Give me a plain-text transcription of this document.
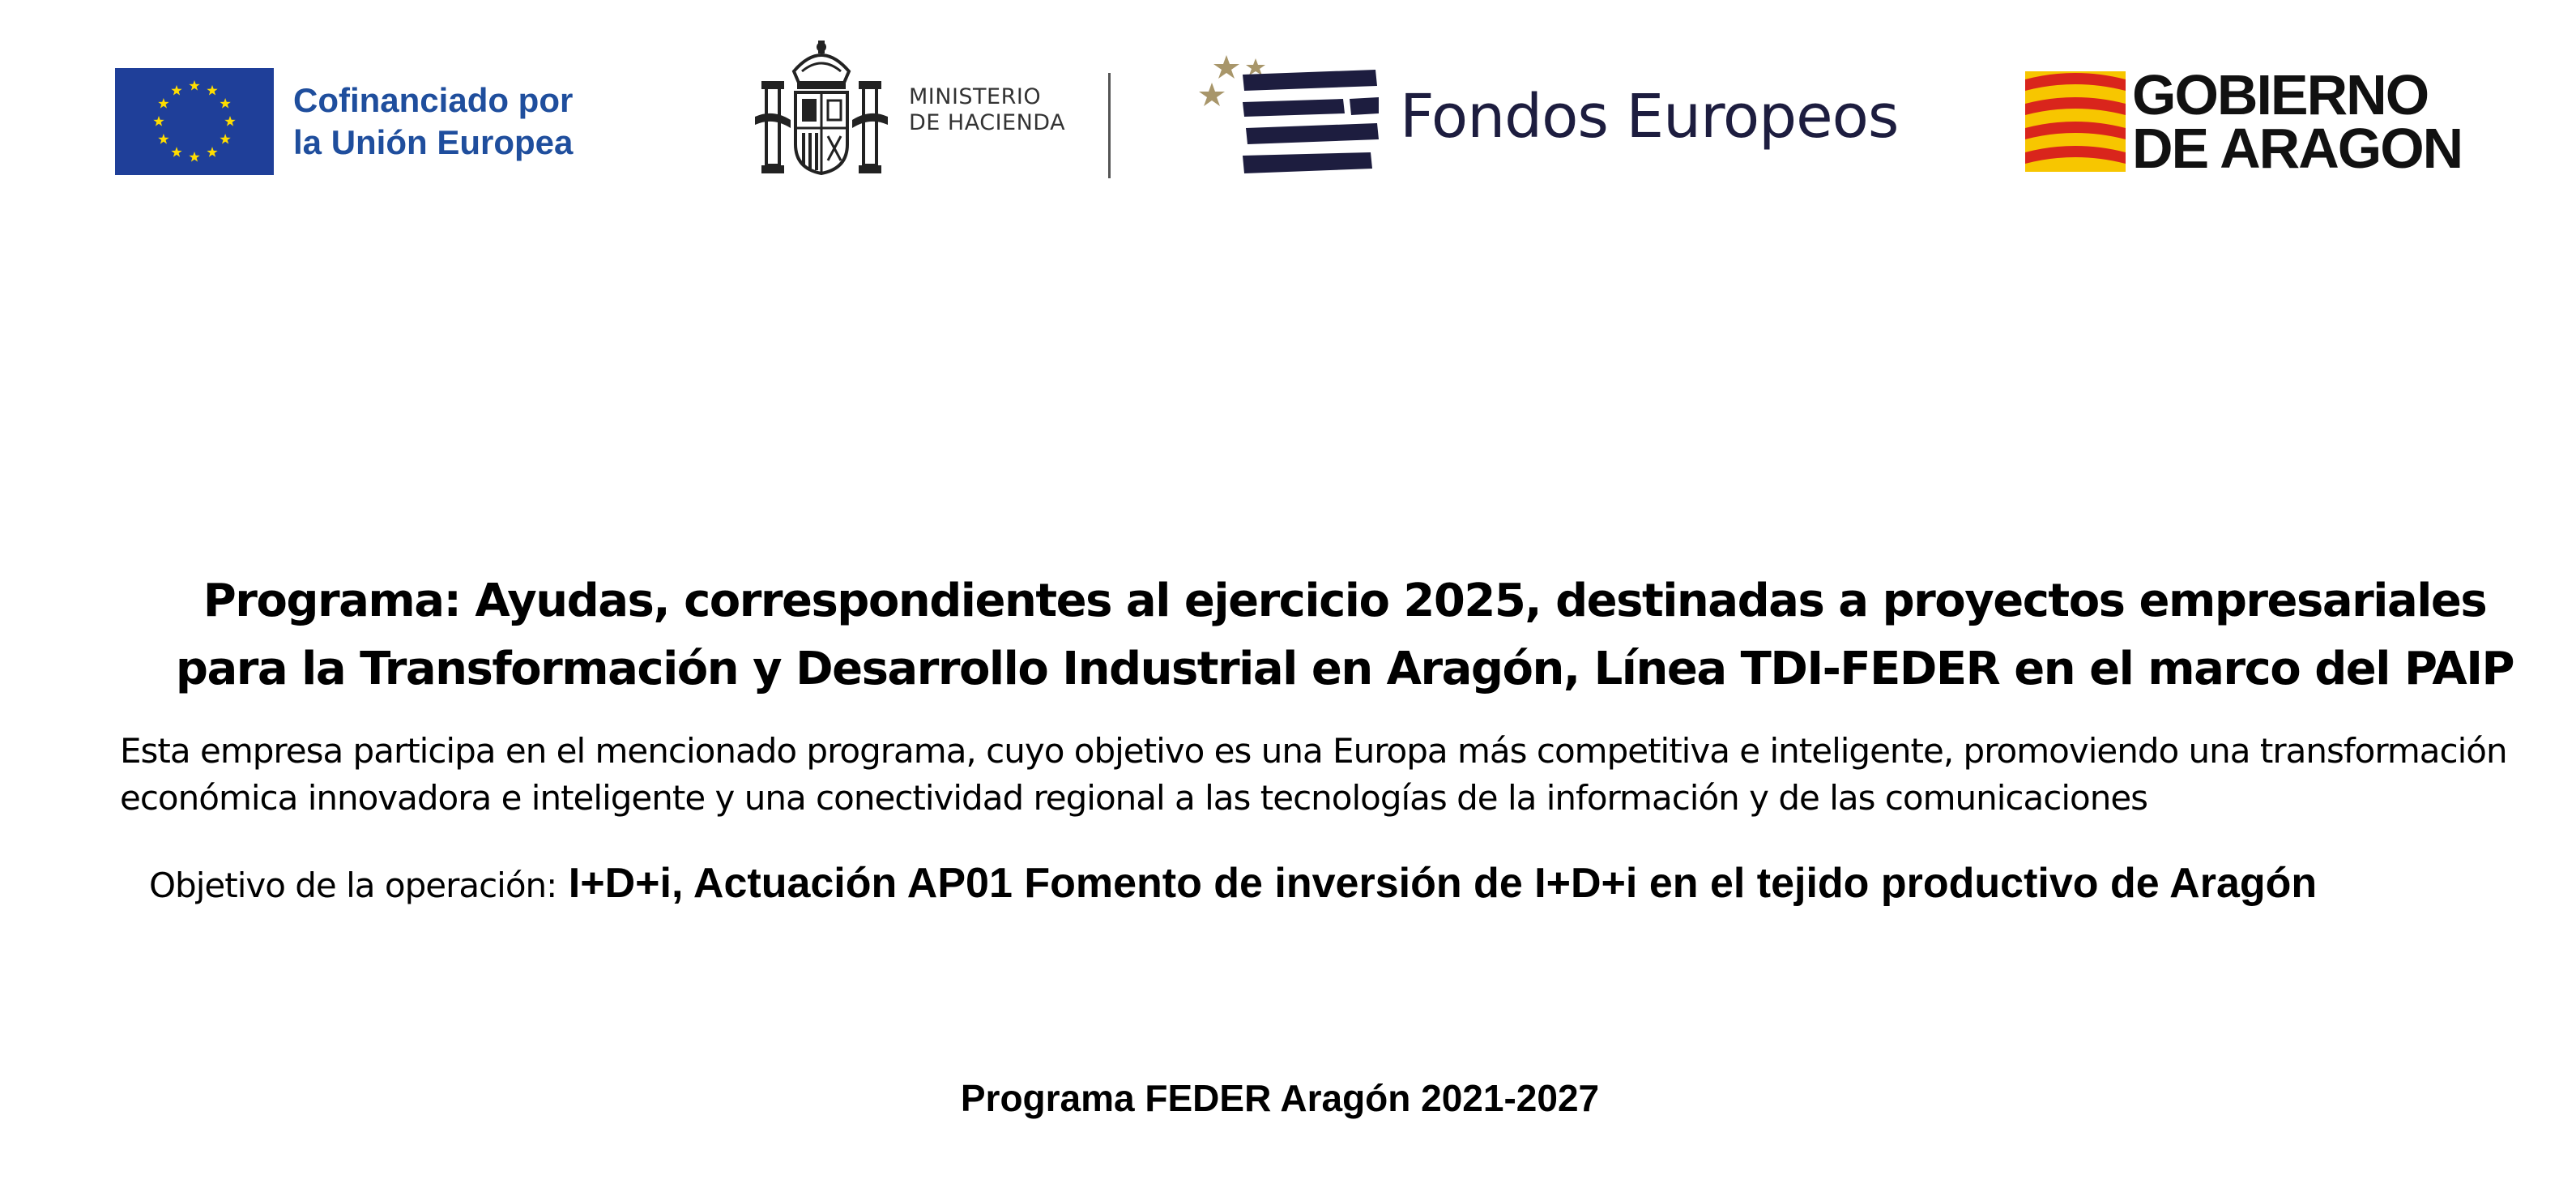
Cofinanciado por
la Unión Europea
MINISTERIO
DE HACIENDA	Fondos Europeos	GOBIERNO
DE ARAGON
Programa: Ayudas, correspondientes al ejercicio 2025, destinadas a proyectos empresariales para la Transformación y Desarrollo Industrial en Aragón, Línea TDI-FEDER en el marco del PAIP

Esta empresa participa en el mencionado programa, cuyo objetivo es una Europa más competitiva e inteligente, promoviendo una transformación económica innovadora e inteligente y una conectividad regional a las tecnologías de la información y de las comunicaciones

Objetivo de la operación: I+D+i, Actuación AP01 Fomento de inversión de I+D+i en el tejido productivo de Aragón
Programa FEDER Aragón 2021-2027
